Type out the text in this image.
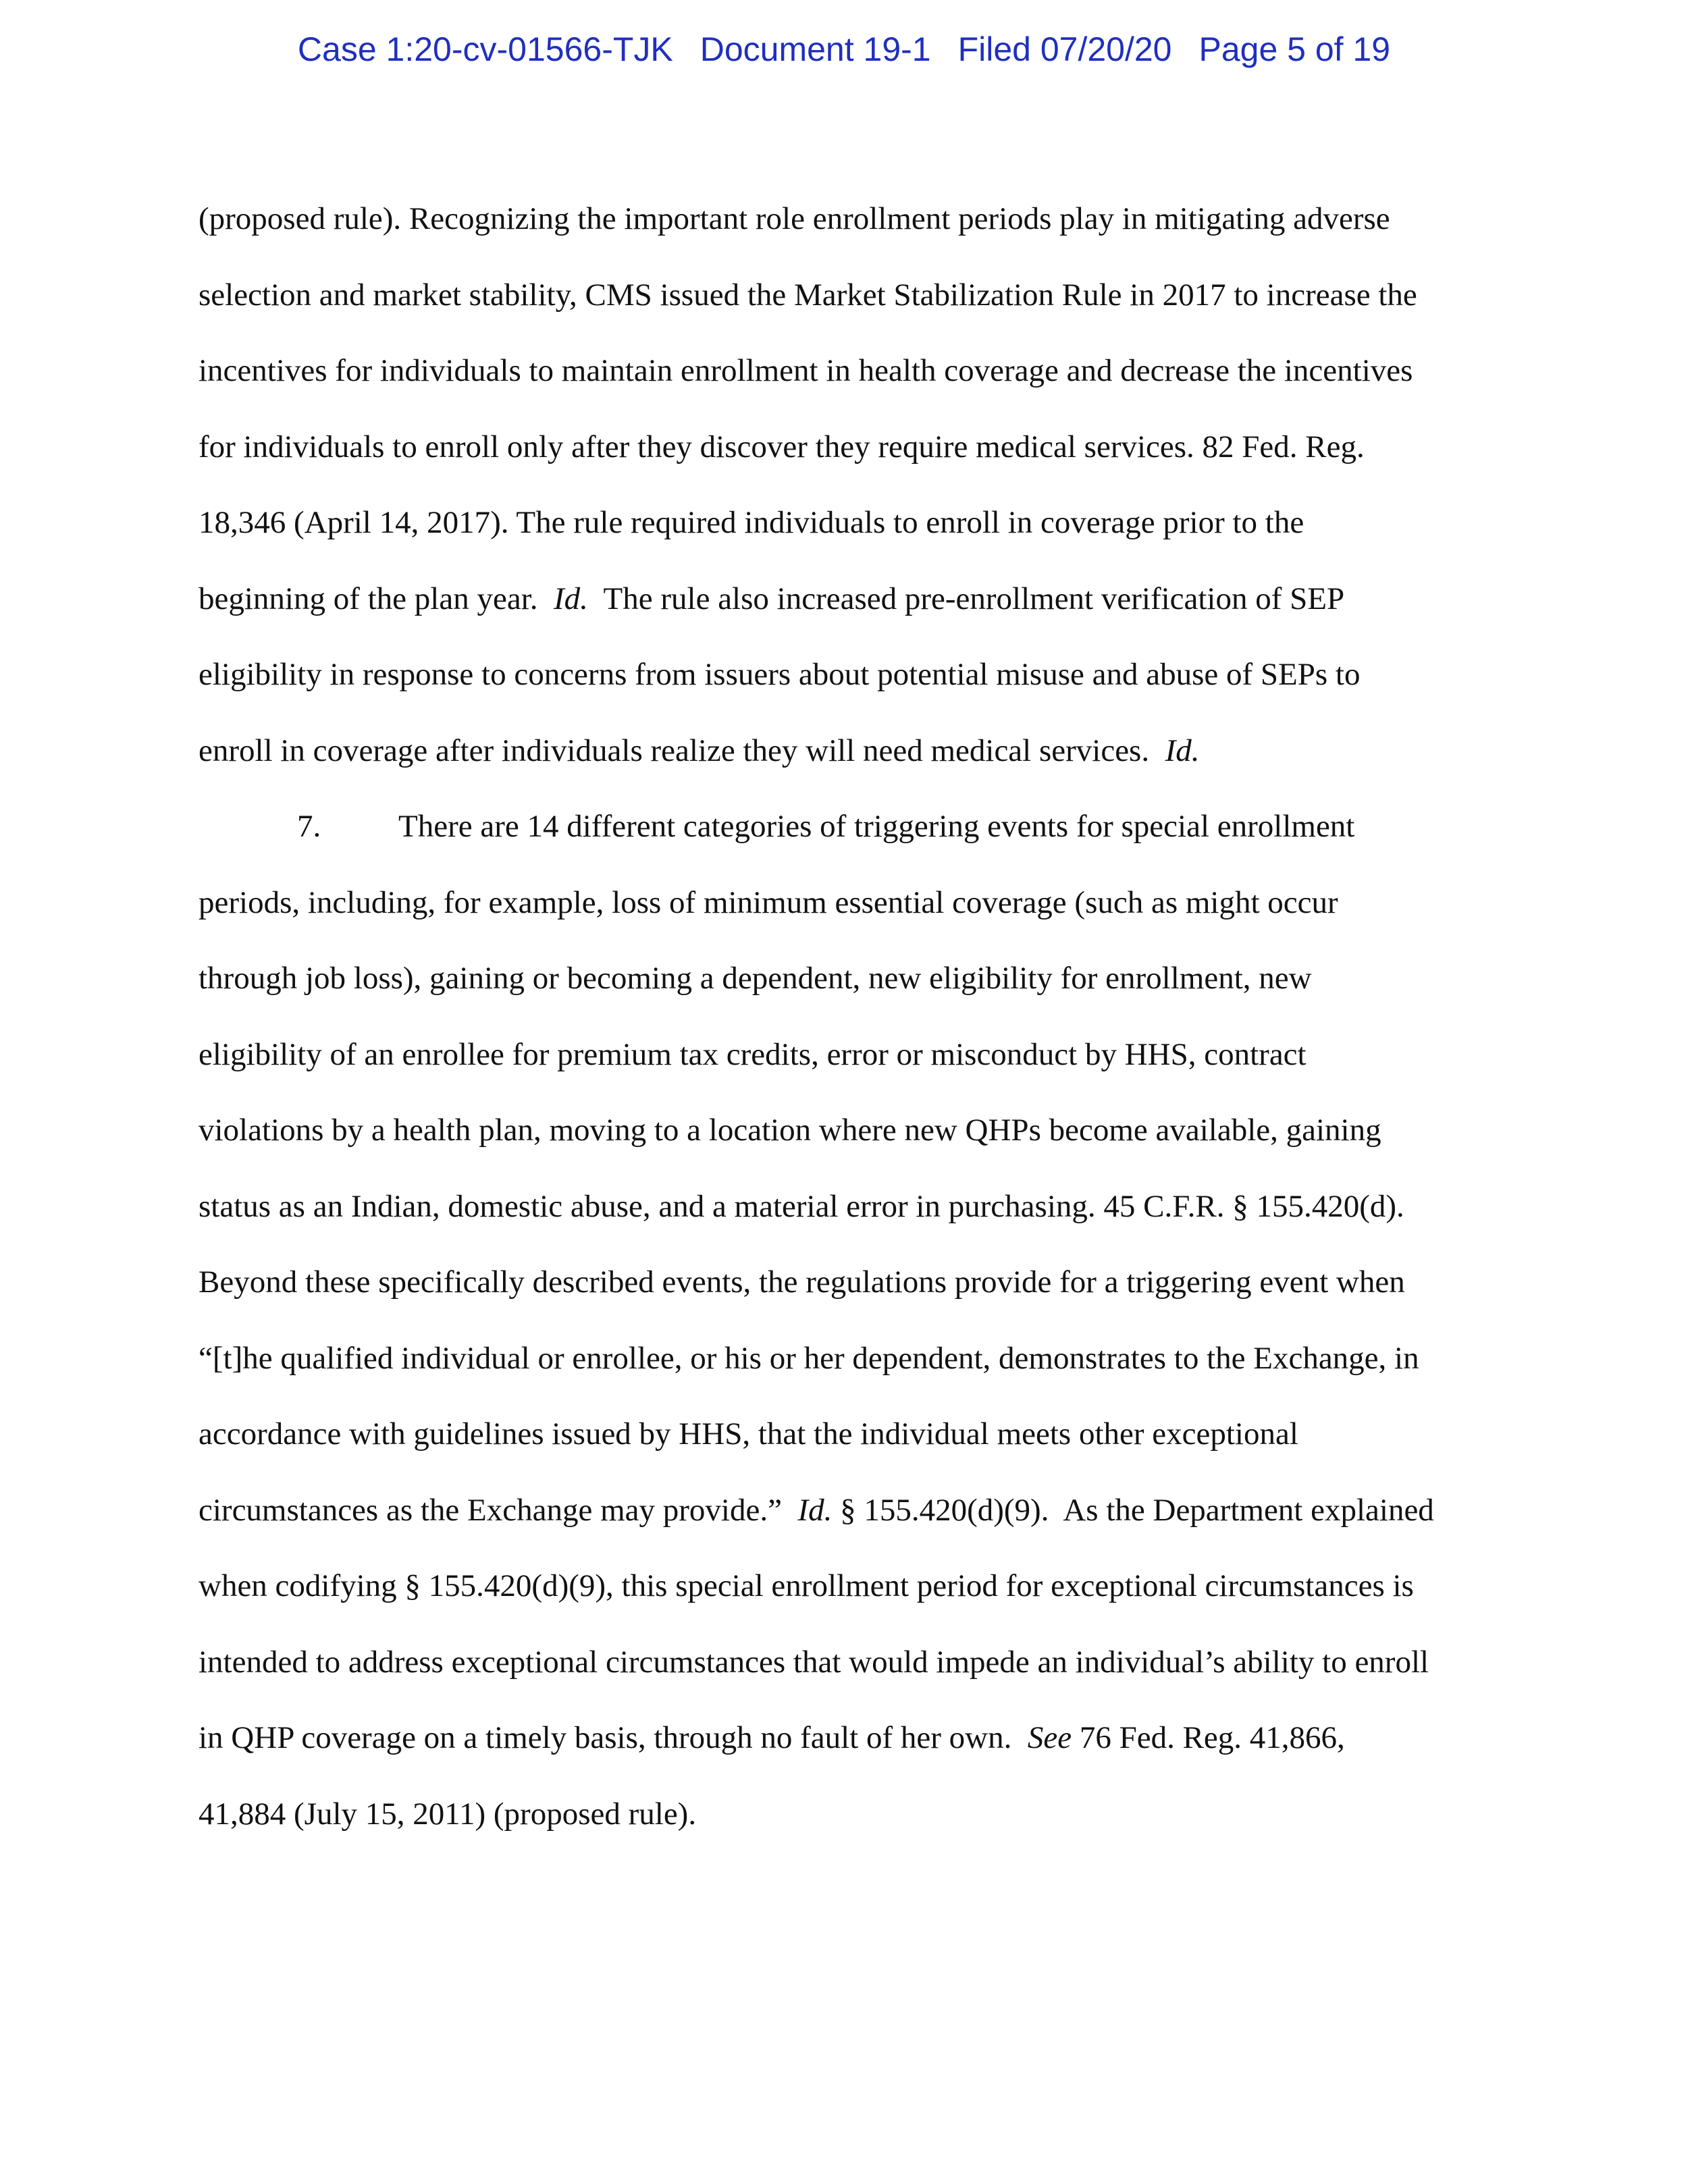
Case 1:20-cv-01566-TJK Document 19-1 Filed 07/20/20 Page 5 of 19
(proposed rule). Recognizing the important role enrollment periods play in mitigating adverse
selection and market stability, CMS issued the Market Stabilization Rule in 2017 to increase the
incentives for individuals to maintain enrollment in health coverage and decrease the incentives
for individuals to enroll only after they discover they require medical services. 82 Fed. Reg.
18,346 (April 14, 2017). The rule required individuals to enroll in coverage prior to the
beginning of the plan year.  Id.  The rule also increased pre-enrollment verification of SEP
eligibility in response to concerns from issuers about potential misuse and abuse of SEPs to
enroll in coverage after individuals realize they will need medical services.  Id.
7. There are 14 different categories of triggering events for special enrollment
periods, including, for example, loss of minimum essential coverage (such as might occur
through job loss), gaining or becoming a dependent, new eligibility for enrollment, new
eligibility of an enrollee for premium tax credits, error or misconduct by HHS, contract
violations by a health plan, moving to a location where new QHPs become available, gaining
status as an Indian, domestic abuse, and a material error in purchasing. 45 C.F.R. § 155.420(d).
Beyond these specifically described events, the regulations provide for a triggering event when
“[t]he qualified individual or enrollee, or his or her dependent, demonstrates to the Exchange, in
accordance with guidelines issued by HHS, that the individual meets other exceptional
circumstances as the Exchange may provide.”  Id. § 155.420(d)(9).  As the Department explained
when codifying § 155.420(d)(9), this special enrollment period for exceptional circumstances is
intended to address exceptional circumstances that would impede an individual’s ability to enroll
in QHP coverage on a timely basis, through no fault of her own.  See 76 Fed. Reg. 41,866,
41,884 (July 15, 2011) (proposed rule).
